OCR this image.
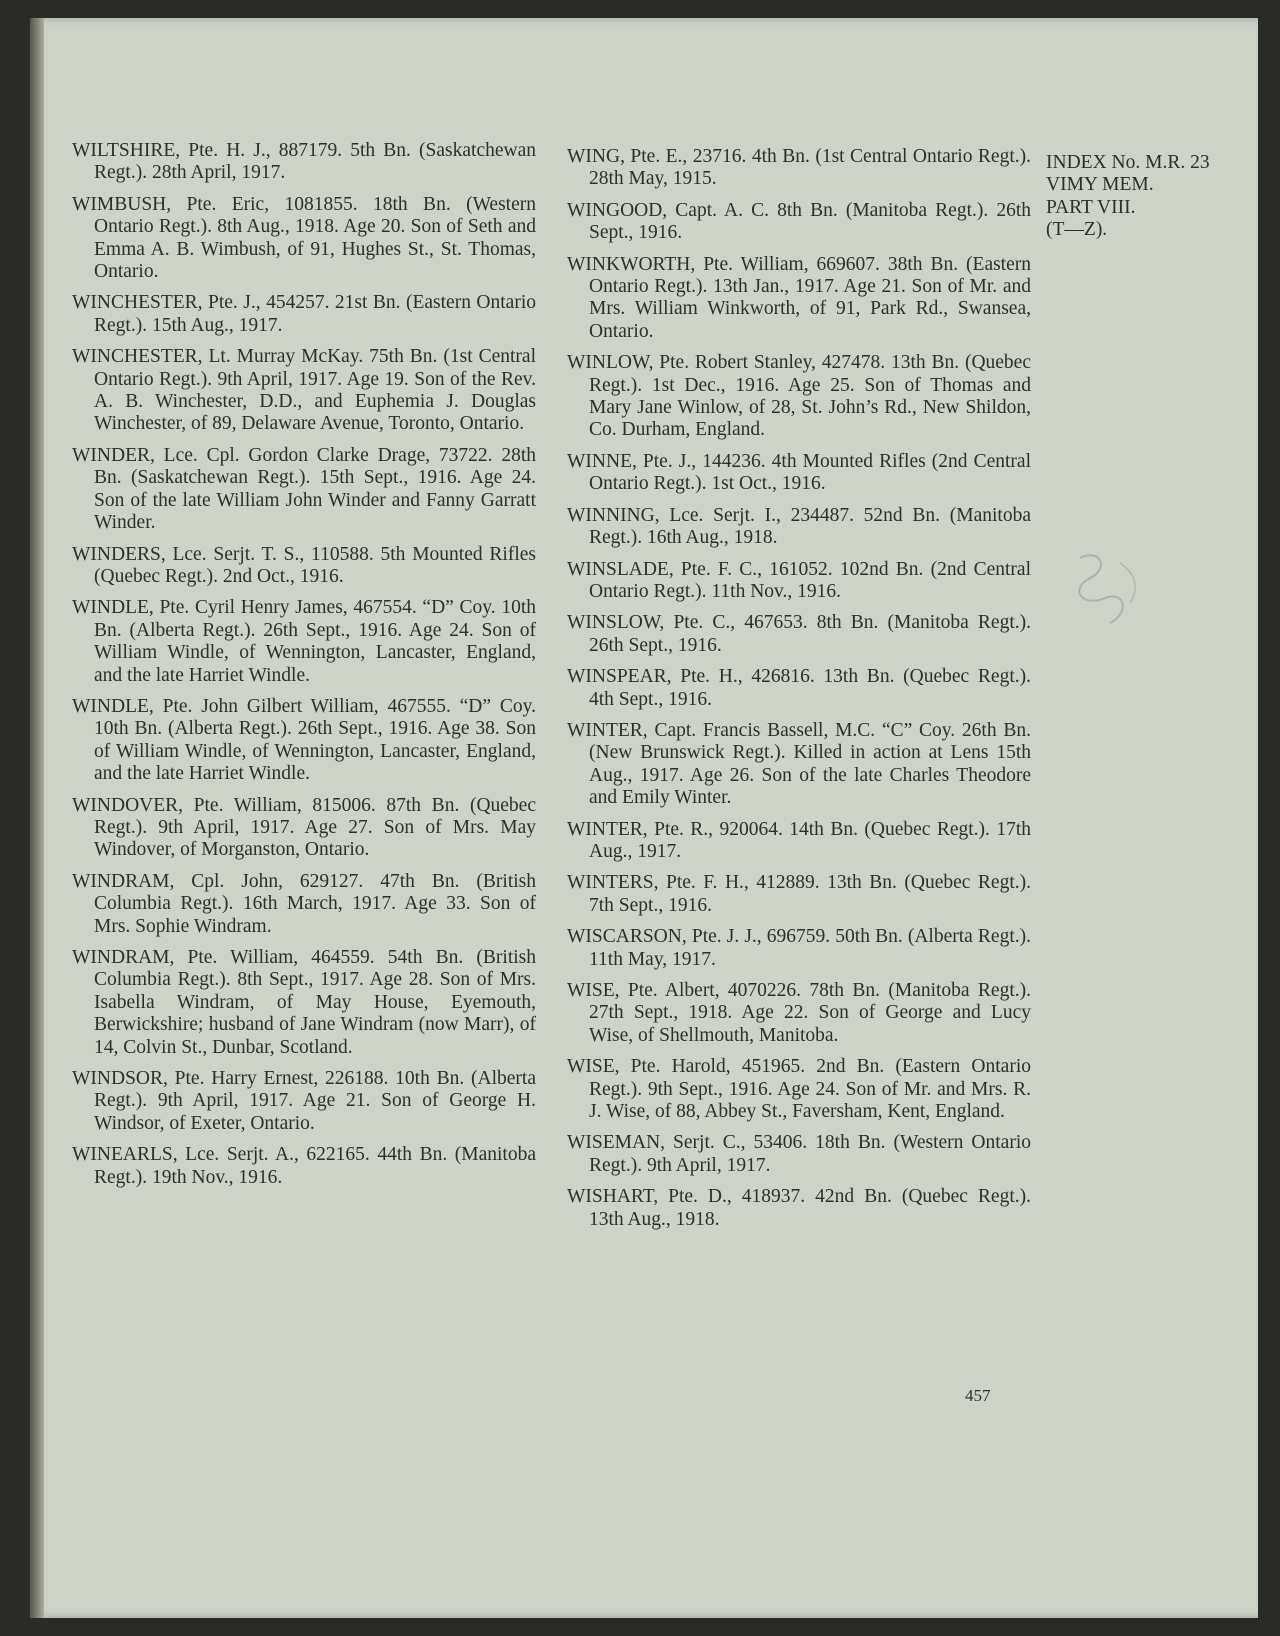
WILTSHIRE, Pte. H. J., 887179. 5th Bn. (Saskatchewan Regt.). 28th April, 1917.

WIMBUSH, Pte. Eric, 1081855. 18th Bn. (Western Ontario Regt.). 8th Aug., 1918. Age 20. Son of Seth and Emma A. B. Wimbush, of 91, Hughes St., St. Thomas, Ontario.

WINCHESTER, Pte. J., 454257. 21st Bn. (Eastern Ontario Regt.). 15th Aug., 1917.

WINCHESTER, Lt. Murray McKay. 75th Bn. (1st Central Ontario Regt.). 9th April, 1917. Age 19. Son of the Rev. A. B. Winchester, D.D., and Euphemia J. Douglas Winchester, of 89, Delaware Avenue, Toronto, Ontario.

WINDER, Lce. Cpl. Gordon Clarke Drage, 73722. 28th Bn. (Saskatchewan Regt.). 15th Sept., 1916. Age 24. Son of the late William John Winder and Fanny Garratt Winder.

WINDERS, Lce. Serjt. T. S., 110588. 5th Mounted Rifles (Quebec Regt.). 2nd Oct., 1916.

WINDLE, Pte. Cyril Henry James, 467554. “D” Coy. 10th Bn. (Alberta Regt.). 26th Sept., 1916. Age 24. Son of William Windle, of Wennington, Lancaster, England, and the late Harriet Windle.

WINDLE, Pte. John Gilbert William, 467555. “D” Coy. 10th Bn. (Alberta Regt.). 26th Sept., 1916. Age 38. Son of William Windle, of Wennington, Lancaster, England, and the late Harriet Windle.

WINDOVER, Pte. William, 815006. 87th Bn. (Quebec Regt.). 9th April, 1917. Age 27. Son of Mrs. May Windover, of Morganston, Ontario.

WINDRAM, Cpl. John, 629127. 47th Bn. (British Columbia Regt.). 16th March, 1917. Age 33. Son of Mrs. Sophie Windram.

WINDRAM, Pte. William, 464559. 54th Bn. (British Columbia Regt.). 8th Sept., 1917. Age 28. Son of Mrs. Isabella Windram, of May House, Eyemouth, Berwickshire; husband of Jane Windram (now Marr), of 14, Colvin St., Dunbar, Scotland.

WINDSOR, Pte. Harry Ernest, 226188. 10th Bn. (Alberta Regt.). 9th April, 1917. Age 21. Son of George H. Windsor, of Exeter, Ontario.

WINEARLS, Lce. Serjt. A., 622165. 44th Bn. (Manitoba Regt.). 19th Nov., 1916.

WING, Pte. E., 23716. 4th Bn. (1st Central Ontario Regt.). 28th May, 1915.

WINGOOD, Capt. A. C. 8th Bn. (Manitoba Regt.). 26th Sept., 1916.

WINKWORTH, Pte. William, 669607. 38th Bn. (Eastern Ontario Regt.). 13th Jan., 1917. Age 21. Son of Mr. and Mrs. William Winkworth, of 91, Park Rd., Swansea, Ontario.

WINLOW, Pte. Robert Stanley, 427478. 13th Bn. (Quebec Regt.). 1st Dec., 1916. Age 25. Son of Thomas and Mary Jane Winlow, of 28, St. John’s Rd., New Shildon, Co. Durham, England.

WINNE, Pte. J., 144236. 4th Mounted Rifles (2nd Central Ontario Regt.). 1st Oct., 1916.

WINNING, Lce. Serjt. I., 234487. 52nd Bn. (Manitoba Regt.). 16th Aug., 1918.

WINSLADE, Pte. F. C., 161052. 102nd Bn. (2nd Central Ontario Regt.). 11th Nov., 1916.

WINSLOW, Pte. C., 467653. 8th Bn. (Manitoba Regt.). 26th Sept., 1916.

WINSPEAR, Pte. H., 426816. 13th Bn. (Quebec Regt.). 4th Sept., 1916.

WINTER, Capt. Francis Bassell, M.C. “C” Coy. 26th Bn. (New Brunswick Regt.). Killed in action at Lens 15th Aug., 1917. Age 26. Son of the late Charles Theodore and Emily Winter.

WINTER, Pte. R., 920064. 14th Bn. (Quebec Regt.). 17th Aug., 1917.

WINTERS, Pte. F. H., 412889. 13th Bn. (Quebec Regt.). 7th Sept., 1916.

WISCARSON, Pte. J. J., 696759. 50th Bn. (Alberta Regt.). 11th May, 1917.

WISE, Pte. Albert, 4070226. 78th Bn. (Manitoba Regt.). 27th Sept., 1918. Age 22. Son of George and Lucy Wise, of Shellmouth, Manitoba.

WISE, Pte. Harold, 451965. 2nd Bn. (Eastern Ontario Regt.). 9th Sept., 1916. Age 24. Son of Mr. and Mrs. R. J. Wise, of 88, Abbey St., Faversham, Kent, England.

WISEMAN, Serjt. C., 53406. 18th Bn. (Western Ontario Regt.). 9th April, 1917.

WISHART, Pte. D., 418937. 42nd Bn. (Quebec Regt.). 13th Aug., 1918.

INDEX No. M.R. 23
VIMY MEM.
PART VIII.
(T—Z).
457
